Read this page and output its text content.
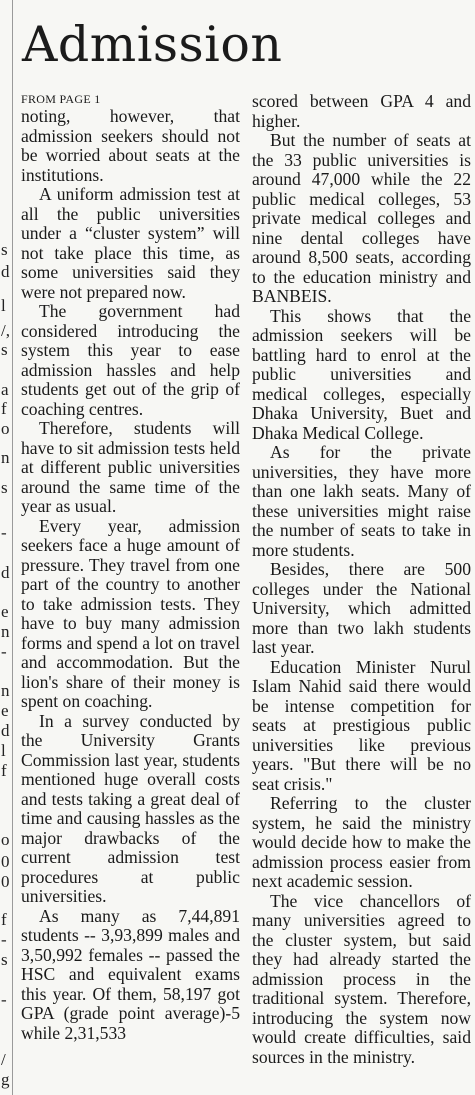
s
d
l
/,
s
a
f
o
n
s
-
d
e
n
-
n
e
d
l
f
o
0
0
f
-
s
-
/
g
Admission
FROM PAGE 1

noting, however, that admission seekers should not be worried about seats at the institutions.

A uniform admission test at all the public universities under a “cluster system” will not take place this time, as some universities said they were not prepared now.

The government had considered introducing the system this year to ease admission hassles and help students get out of the grip of coaching centres.

Therefore, students will have to sit admission tests held at different public universities around the same time of the year as usual.

Every year, admission seekers face a huge amount of pressure. They travel from one part of the country to another to take admission tests. They have to buy many admission forms and spend a lot on travel and accommodation. But the lion's share of their money is spent on coaching.

In a survey conducted by the University Grants Commission last year, students mentioned huge overall costs and tests taking a great deal of time and causing hassles as the major drawbacks of the current admission test procedures at public universities.

As many as 7,44,891 students -- 3,93,899 males and 3,50,992 females -- passed the HSC and equivalent exams this year. Of them, 58,197 got GPA (grade point average)-5 while 2,31,533

scored between GPA 4 and higher.

But the number of seats at the 33 public universities is around 47,000 while the 22 public medical colleges, 53 private medical colleges and nine dental colleges have around 8,500 seats, according to the education ministry and BANBEIS.

This shows that the admission seekers will be battling hard to enrol at the public universities and medical colleges, especially Dhaka University, Buet and Dhaka Medical College.

As for the private universities, they have more than one lakh seats. Many of these universities might raise the number of seats to take in more students.

Besides, there are 500 colleges under the National University, which admitted more than two lakh students last year.

Education Minister Nurul Islam Nahid said there would be intense competition for seats at prestigious public universities like previous years. "But there will be no seat crisis."

Referring to the cluster system, he said the ministry would decide how to make the admission process easier from next academic session.

The vice chancellors of many universities agreed to the cluster system, but said they had already started the admission process in the traditional system. Therefore, introducing the system now would create difficulties, said sources in the ministry.
